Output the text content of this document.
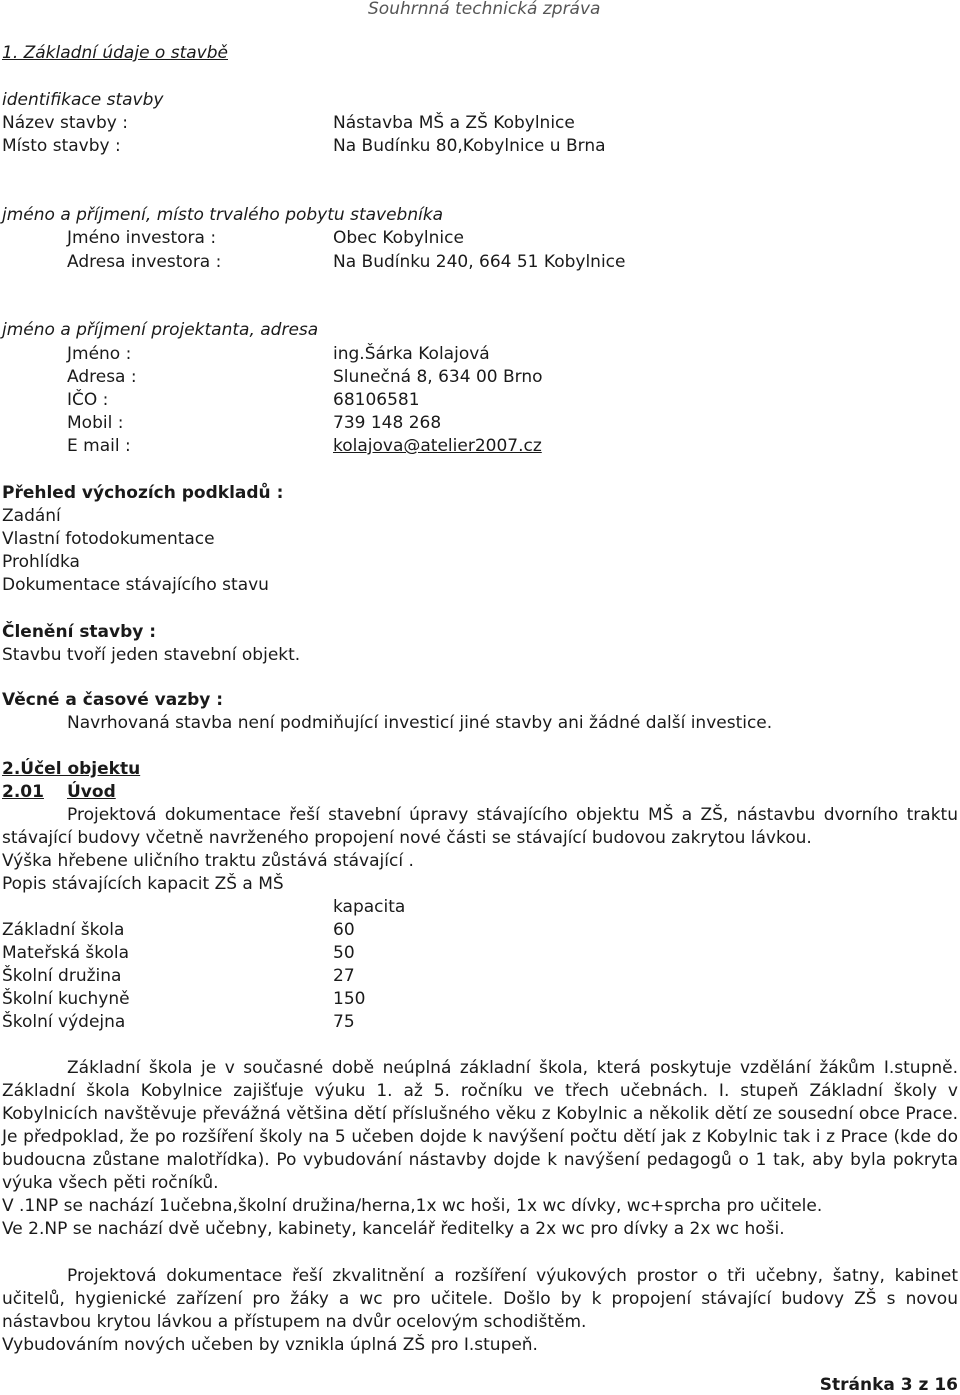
Souhrnná technická zpráva
1. Základní údaje o stavbě
identifikace stavby
Název stavby :	Nástavba MŠ a ZŠ Kobylnice
Místo stavby :	Na Budínku 80,Kobylnice u Brna
jméno a příjmení, místo trvalého pobytu stavebníka
Jméno investora :	Obec Kobylnice
Adresa investora :	Na Budínku 240, 664 51 Kobylnice
jméno a příjmení projektanta, adresa
Jméno :	ing.Šárka Kolajová
Adresa :	Slunečná 8, 634 00 Brno
IČO :	68106581
Mobil :	739 148 268
E mail :	kolajova@atelier2007.cz
Přehled výchozích podkladů :
Zadání
Vlastní fotodokumentace
Prohlídka
Dokumentace stávajícího stavu
Členění stavby :
Stavbu tvoří jeden stavební objekt.
Věcné a časové vazby :
Navrhovaná stavba není podmiňující investicí jiné stavby ani žádné další investice.
2.Účel objektu
2.01 Úvod

Projektová dokumentace řeší stavební úpravy stávajícího objektu MŠ a ZŠ, nástavbu dvorního traktu stávající budovy včetně navrženého propojení nové části se stávající budovou zakrytou lávkou.

Výška hřebene uličního traktu zůstává stávající .

Popis stávajících kapacit ZŠ a MŠ

kapacita
Základní škola	60
Mateřská škola	50
Školní družina	27
Školní kuchyně	150
Školní výdejna	75

Základní škola je v současné době neúplná základní škola, která poskytuje vzdělání žákům I.stupně. Základní škola Kobylnice zajišťuje výuku 1. až 5. ročníku ve třech učebnách. I. stupeň Základní školy v Kobylnicích navštěvuje převážná většina dětí příslušného věku z Kobylnic a několik dětí ze sousední obce Prace. Je předpoklad, že po rozšíření školy na 5 učeben dojde k navýšení počtu dětí jak z Kobylnic tak i z Prace (kde do budoucna zůstane malotřídka). Po vybudování nástavby dojde k navýšení pedagogů o 1 tak, aby byla pokryta výuka všech pěti ročníků.

V .1NP se nachází 1učebna,školní družina/herna,1x wc hoši, 1x wc dívky, wc+sprcha pro učitele.

Ve 2.NP se nachází dvě učebny, kabinety, kancelář ředitelky a 2x wc pro dívky a 2x wc hoši.

Projektová dokumentace řeší zkvalitnění a rozšíření výukových prostor o tři učebny, šatny, kabinet učitelů, hygienické zařízení pro žáky a wc pro učitele. Došlo by k propojení stávající budovy ZŠ s novou nástavbou krytou lávkou a přístupem na dvůr ocelovým schodištěm.

Vybudováním nových učeben by vznikla úplná ZŠ pro I.stupeň.

Stránka 3 z 16
